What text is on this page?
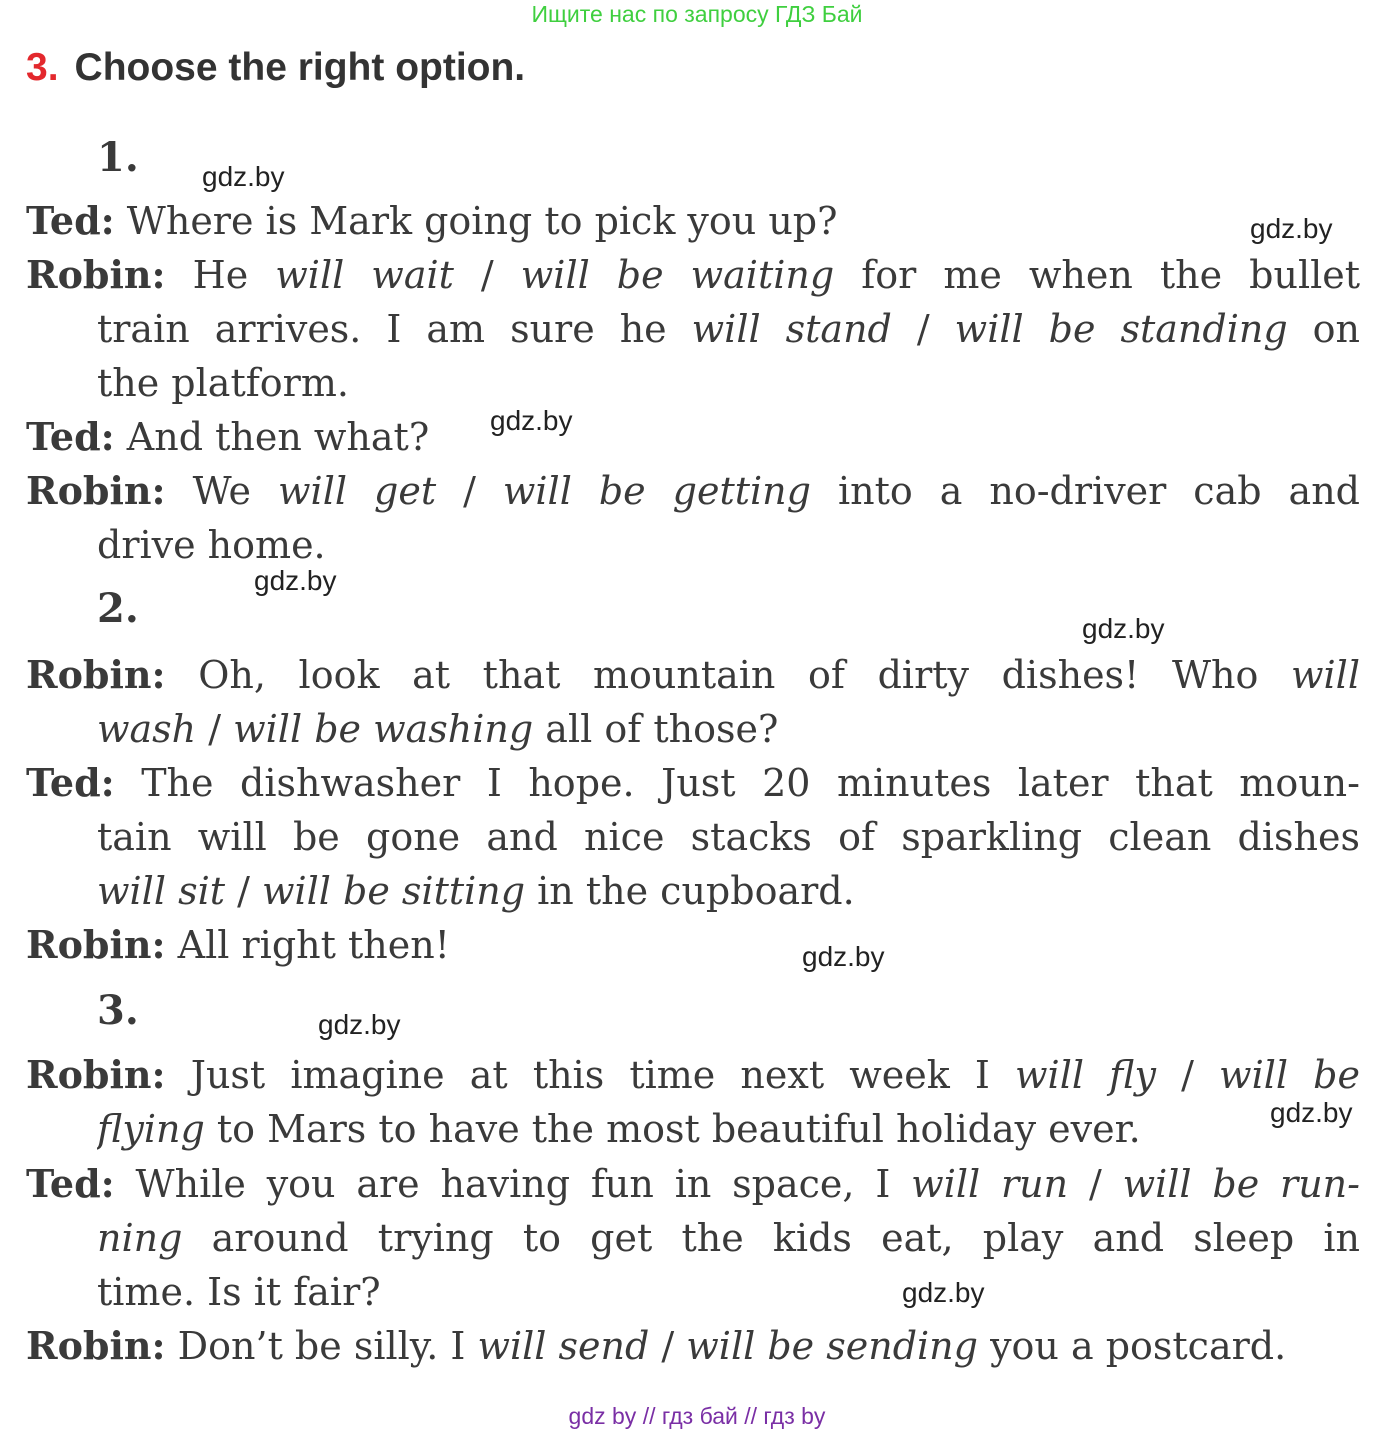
Ищите нас по запросу ГДЗ Бай
3. Choose the right option.
1.
2.
3.
Ted: Where is Mark going to pick you up?
Robin: He will wait / will be waiting for me when the bullet
train arrives. I am sure he will stand / will be standing on
the platform.
Ted: And then what?
Robin: We will get / will be getting into a no-driver cab and
drive home.
Robin: Oh, look at that mountain of dirty dishes! Who will
wash / will be washing all of those?
Ted: The dishwasher I hope. Just 20 minutes later that moun-
tain will be gone and nice stacks of sparkling clean dishes
will sit / will be sitting in the cupboard.
Robin: All right then!
Robin: Just imagine at this time next week I will fly / will be
flying to Mars to have the most beautiful holiday ever.
Ted: While you are having fun in space, I will run / will be run-
ning around trying to get the kids eat, play and sleep in
time. Is it fair?
Robin: Don’t be silly. I will send / will be sending you a postcard.
gdz.by
gdz.by
gdz.by
gdz.by
gdz.by
gdz.by
gdz.by
gdz.by
gdz.by
gdz by // гдз бай // гдз by
